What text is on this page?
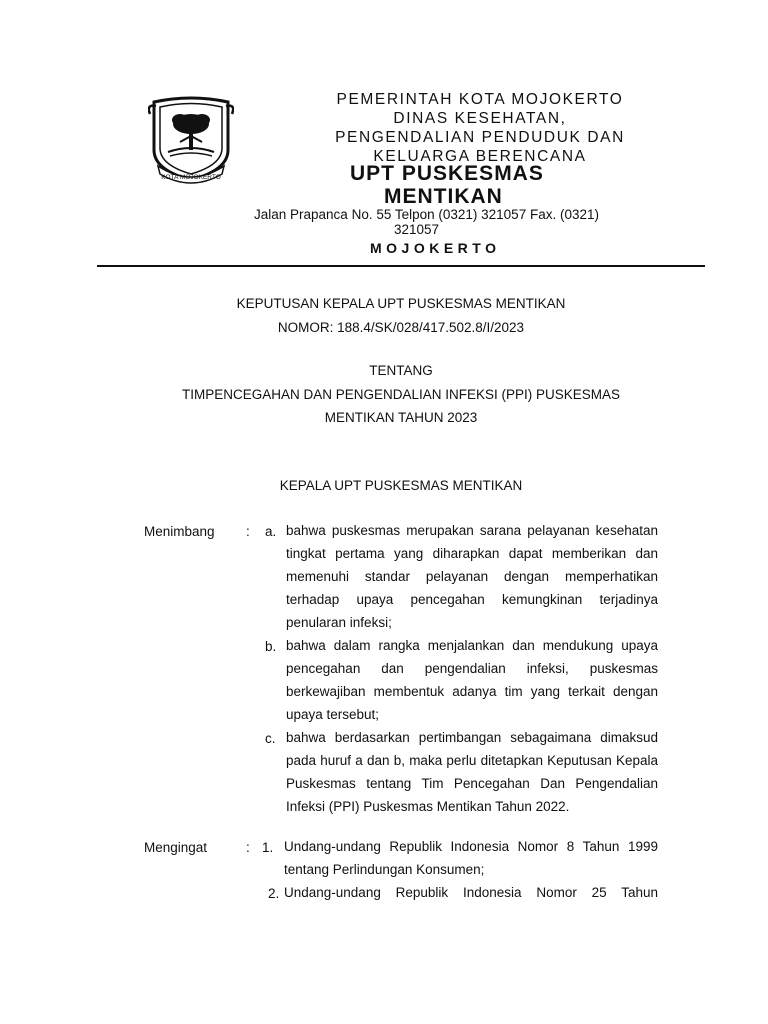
KOTA MOJOKERTO
PEMERINTAH KOTA MOJOKERTO
DINAS KESEHATAN,
PENGENDALIAN PENDUDUK DAN
KELUARGA BERENCANA
UPT PUSKESMAS
MENTIKAN
Jalan Prapanca No. 55 Telpon (0321) 321057 Fax. (0321)
321057
MOJOKERTO
KEPUTUSAN KEPALA UPT PUSKESMAS MENTIKAN
NOMOR: 188.4/SK/028/417.502.8/I/2023
TENTANG
TIMPENCEGAHAN DAN PENGENDALIAN INFEKSI (PPI) PUSKESMAS
MENTIKAN TAHUN 2023
KEPALA UPT PUSKESMAS MENTIKAN
Menimbang : a. bahwa puskesmas merupakan sarana pelayanan kesehatan tingkat pertama yang diharapkan dapat memberikan dan memenuhi standar pelayanan dengan memperhatikan terhadap upaya pencegahan kemungkinan terjadinya penularan infeksi;

b. bahwa dalam rangka menjalankan dan mendukung upaya pencegahan dan pengendalian infeksi, puskesmas berkewajiban membentuk adanya tim yang terkait dengan upaya tersebut;

c. bahwa berdasarkan pertimbangan sebagaimana dimaksud pada huruf a dan b, maka perlu ditetapkan Keputusan Kepala Puskesmas tentang Tim Pencegahan Dan Pengendalian Infeksi (PPI) Puskesmas Mentikan Tahun 2022.

Mengingat	: 1. Undang-undang Republik Indonesia Nomor 8 Tahun 1999 tentang Perlindungan Konsumen;

2. Undang-undang Republik Indonesia Nomor 25 Tahun
